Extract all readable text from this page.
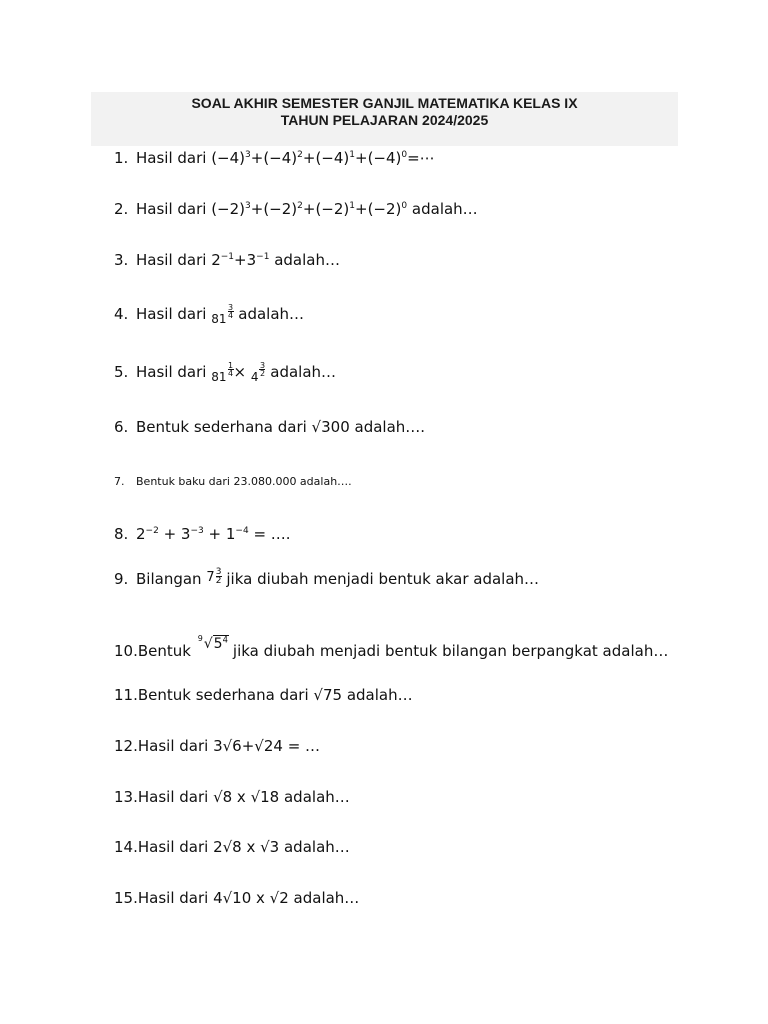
SOAL AKHIR SEMESTER GANJIL MATEMATIKA KELAS IX
TAHUN PELAJARAN 2024/2025
1. Hasil dari $(-4)^3+(-4)^2+(-4)^1+(-4)^0=\cdots$
2. Hasil dari $(-2)^3+(-2)^2+(-2)^1+(-2)^0$ adalah…
3. Hasil dari $2^{-1}+3^{-1}$ adalah…
4. Hasil dari $_{81} \frac{3}{4}$ adalah…
5. Hasil dari $_{81} \frac{1}{4} \times _4 \frac{3}{2}$ adalah…
6. Bentuk sederhana dari √300 adalah….
7. Bentuk baku dari 23.080.000 adalah….
8. $2^{-2} + 3^{-3} + 1^{-4}$ = ….
9. Bilangan $7 \frac{3}{2}$ jika diubah menjadi bentuk akar adalah…
10.Bentuk
9 $√5^4jika$ diubah menjadi bentuk bilangan berpangkat adalah…
11.Bentuk sederhana dari √75 adalah…
12.Hasil dari 3√6+√24 = …
13.Hasil dari √8 x √18 adalah…
14.Hasil dari 2√8 x √3 adalah…
15.Hasil dari 4√10 x √2 adalah…
